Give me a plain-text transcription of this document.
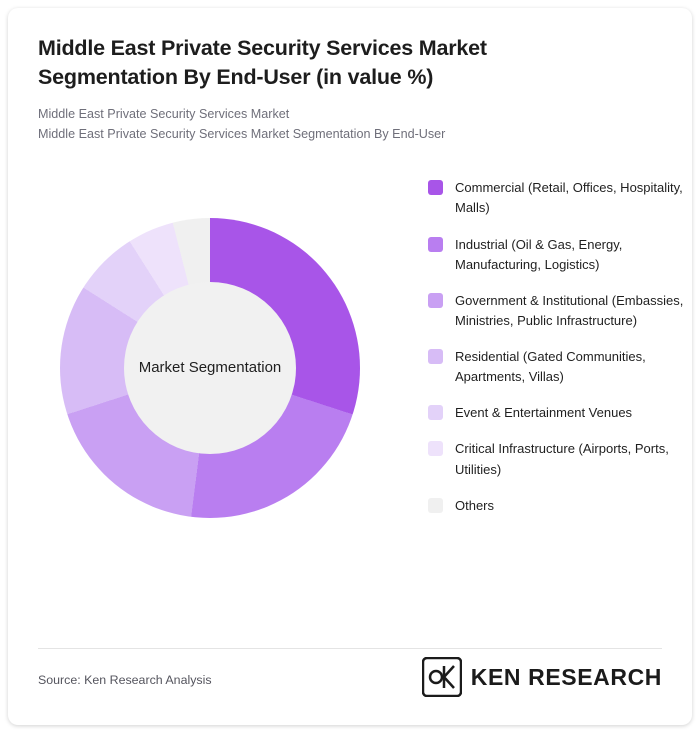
Middle East Private Security Services Market Segmentation By End-User (in value %)
Middle East Private Security Services Market
Middle East Private Security Services Market Segmentation By End-User
Market Segmentation
Commercial (Retail, Offices, Hospitality, Malls)
Industrial (Oil & Gas, Energy, Manufacturing, Logistics)
Government & Institutional (Embassies, Ministries, Public Infrastructure)
Residential (Gated Communities, Apartments, Villas)
Event & Entertainment Venues
Critical Infrastructure (Airports, Ports, Utilities)
Others
Source: Ken Research Analysis	KEN RESEARCH
